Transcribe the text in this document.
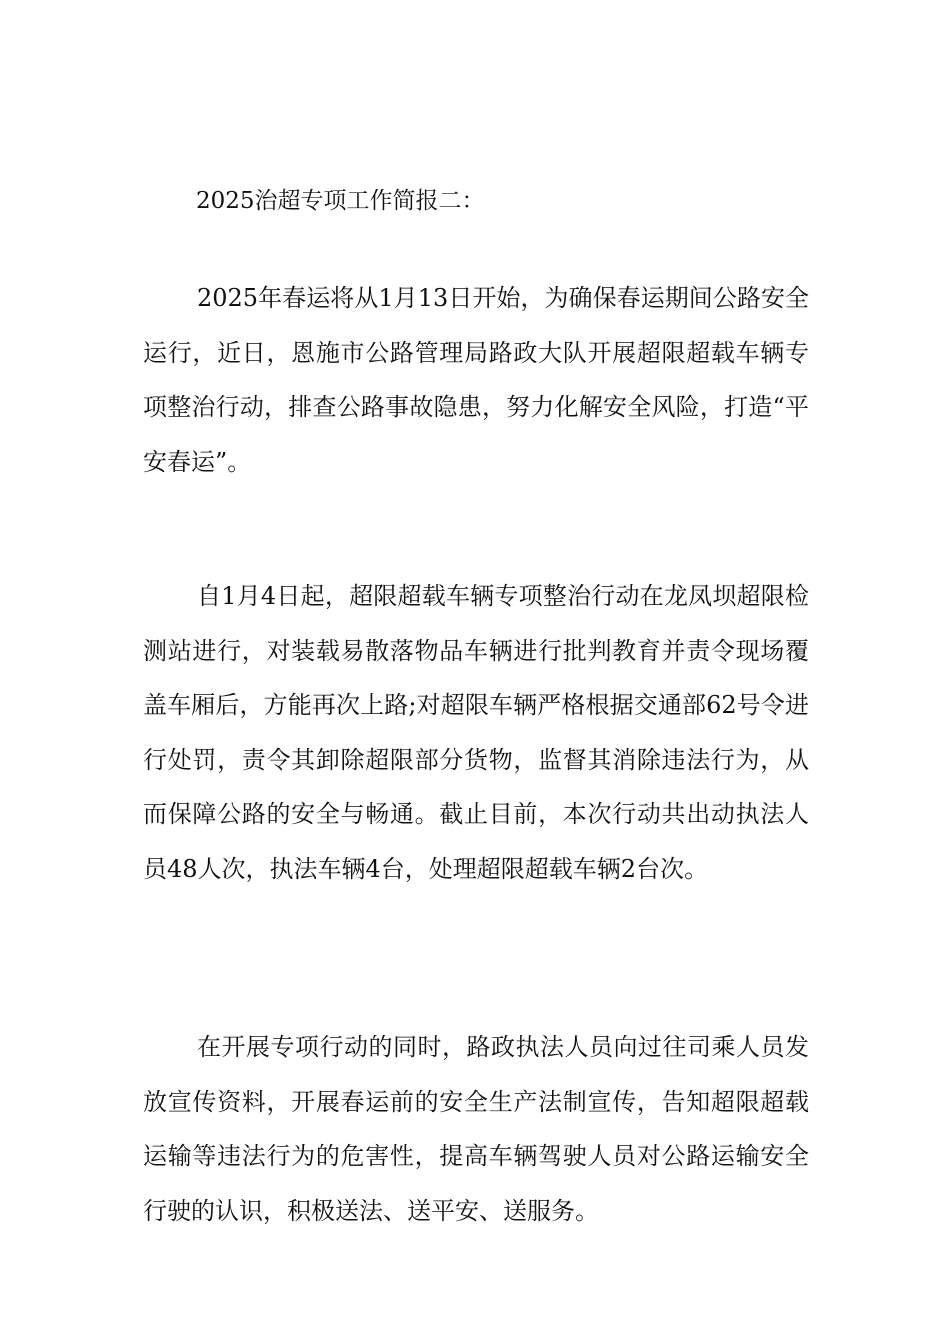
2025治超专项工作简报二：

2025年春运将从1月13日开始，为确保春运期间公路安全运行，近日，恩施市公路管理局路政大队开展超限超载车辆专项整治行动，排查公路事故隐患，努力化解安全风险，打造“平安春运”。

自1月4日起，超限超载车辆专项整治行动在龙凤坝超限检测站进行，对装载易散落物品车辆进行批判教育并责令现场覆盖车厢后，方能再次上路;对超限车辆严格根据交通部62号令进行处罚，责令其卸除超限部分货物，监督其消除违法行为，从而保障公路的安全与畅通。截止目前，本次行动共出动执法人员48人次，执法车辆4台，处理超限超载车辆2台次。

在开展专项行动的同时，路政执法人员向过往司乘人员发放宣传资料，开展春运前的安全生产法制宣传，告知超限超载运输等违法行为的危害性，提高车辆驾驶人员对公路运输安全行驶的认识，积极送法、送平安、送服务。
